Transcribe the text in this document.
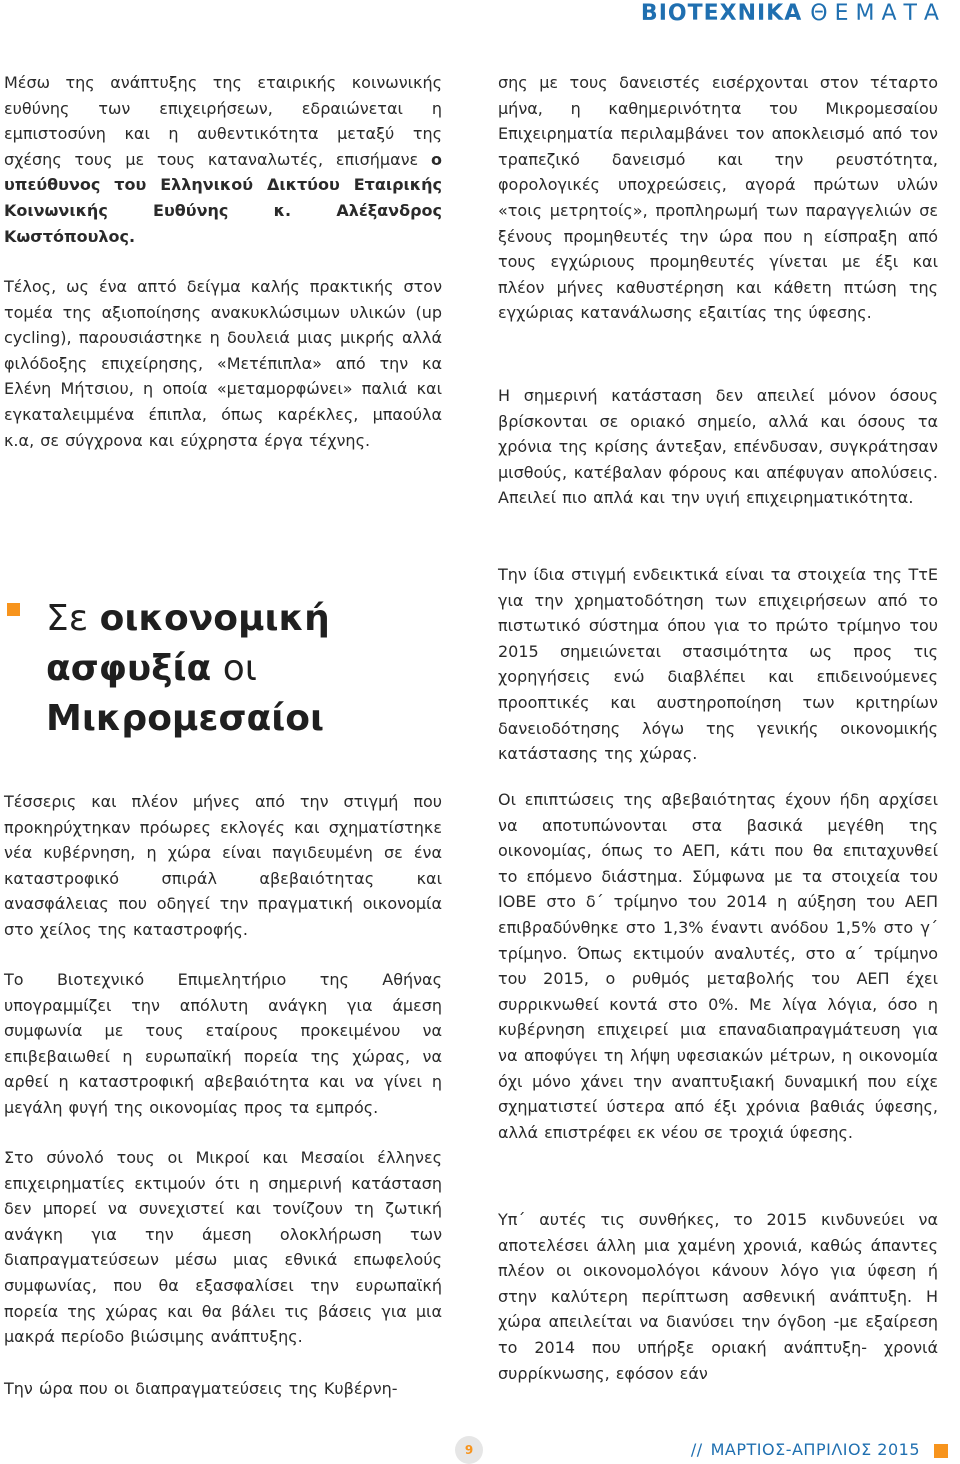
ΒΙΟΤΕΧΝΙΚΑ ΘΕΜΑΤΑ

Μέσω της ανάπτυξης της εταιρικής κοινωνικής ευθύνης των επιχειρήσεων, εδραιώνεται η εμπιστοσύνη και η αυθεντικότητα μεταξύ της σχέσης τους με τους καταναλωτές, επισήμανε ο υπεύθυνος του Ελληνικού Δικτύου Εταιρικής Κοινωνικής Ευθύνης κ. Αλέξανδρος Κωστόπουλος.

Τέλος, ως ένα απτό δείγμα καλής πρακτικής στον τομέα της αξιοποίησης ανακυκλώσιμων υλικών (up cycling), παρουσιάστηκε η δουλειά μιας μικρής αλλά φιλόδοξης επιχείρησης, «Μετέπιπλα» από την κα Ελένη Μήτσιου, η οποία «μεταμορφώνει» παλιά και εγκαταλειμμένα έπιπλα, όπως καρέκλες, μπαούλα κ.α, σε σύγχρονα και εύχρηστα έργα τέχνης.

Τέσσερις και πλέον μήνες από την στιγμή που προκηρύχτηκαν πρόωρες εκλογές και σχηματίστηκε νέα κυβέρνηση, η χώρα είναι παγιδευμένη σε ένα καταστροφικό σπιράλ αβεβαιότητας και ανασφάλειας που οδηγεί την πραγματική οικονομία στο χείλος της καταστροφής.

Το Βιοτεχνικό Επιμελητήριο της Αθήνας υπογραμμίζει την απόλυτη ανάγκη για άμεση συμφωνία με τους εταίρους προκειμένου να επιβεβαιωθεί η ευρωπαϊκή πορεία της χώρας, να αρθεί η καταστροφική αβεβαιότητα και να γίνει η μεγάλη φυγή της οικονομίας προς τα εμπρός.

Στο σύνολό τους οι Μικροί και Μεσαίοι έλληνες επιχειρηματίες εκτιμούν ότι η σημερινή κατάσταση δεν μπορεί να συνεχιστεί και τονίζουν τη ζωτική ανάγκη για την άμεση ολοκλήρωση των διαπραγματεύσεων μέσω μιας εθνικά επωφελούς συμφωνίας, που θα εξασφαλίσει την ευρωπαϊκή πορεία της χώρας και θα βάλει τις βάσεις για μια μακρά περίοδο βιώσιμης ανάπτυξης.

Την ώρα που οι διαπραγματεύσεις της Κυβέρνη-

Σε οικονομική ασφυξία οι
Μικρομεσαίοι

σης με τους δανειστές εισέρχονται στον τέταρτο μήνα, η καθημερινότητα του Μικρομεσαίου Επιχειρηματία περιλαμβάνει τον αποκλεισμό από τον τραπεζικό δανεισμό και την ρευστότητα, φορολογικές υποχρεώσεις, αγορά πρώτων υλών «τοις μετρητοίς», προπληρωμή των παραγγελιών σε ξένους προμηθευτές την ώρα που η είσπραξη από τους εγχώριους προμηθευτές γίνεται με έξι και πλέον μήνες καθυστέρηση και κάθετη πτώση της εγχώριας κατανάλωσης εξαιτίας της ύφεσης.

Η σημερινή κατάσταση δεν απειλεί μόνον όσους βρίσκονται σε οριακό σημείο, αλλά και όσους τα χρόνια της κρίσης άντεξαν, επένδυσαν, συγκράτησαν μισθούς, κατέβαλαν φόρους και απέφυγαν απολύσεις. Απειλεί πιο απλά και την υγιή επιχειρηματικότητα.

Την ίδια στιγμή ενδεικτικά είναι τα στοιχεία της ΤτΕ για την χρηματοδότηση των επιχειρήσεων από το πιστωτικό σύστημα όπου για το πρώτο τρίμηνο του 2015 σημειώνεται στασιμότητα ως προς τις χορηγήσεις ενώ διαβλέπει και επιδεινούμενες προοπτικές και αυστηροποίηση των κριτηρίων δανειοδότησης λόγω της γενικής οικονομικής κατάστασης της χώρας.

Οι επιπτώσεις της αβεβαιότητας έχουν ήδη αρχίσει να αποτυπώνονται στα βασικά μεγέθη της οικονομίας, όπως το ΑΕΠ, κάτι που θα επιταχυνθεί το επόμενο διάστημα. Σύμφωνα με τα στοιχεία του ΙΟΒΕ στο δ΄ τρίμηνο του 2014 η αύξηση του ΑΕΠ επιβραδύνθηκε στο 1,3% έναντι ανόδου 1,5% στο γ΄ τρίμηνο. Όπως εκτιμούν αναλυτές, στο α΄ τρίμηνο του 2015, ο ρυθμός μεταβολής του ΑΕΠ έχει συρρικνωθεί κοντά στο 0%. Με λίγα λόγια, όσο η κυβέρνηση επιχειρεί μια επαναδιαπραγμάτευση για να αποφύγει τη λήψη υφεσιακών μέτρων, η οικονομία όχι μόνο χάνει την αναπτυξιακή δυναμική που είχε σχηματιστεί ύστερα από έξι χρόνια βαθιάς ύφεσης, αλλά επιστρέφει εκ νέου σε τροχιά ύφεσης.

Υπ΄ αυτές τις συνθήκες, το 2015 κινδυνεύει να αποτελέσει άλλη μια χαμένη χρονιά, καθώς άπαντες πλέον οι οικονομολόγοι κάνουν λόγο για ύφεση ή στην καλύτερη περίπτωση ασθενική ανάπτυξη. Η χώρα απειλείται να διανύσει την όγδοη -με εξαίρεση το 2014 που υπήρξε οριακή ανάπτυξη- χρονιά συρρίκνωσης, εφόσον εάν

9	// ΜΑΡΤΙΟΣ-ΑΠΡΙΛΙΟΣ 2015
